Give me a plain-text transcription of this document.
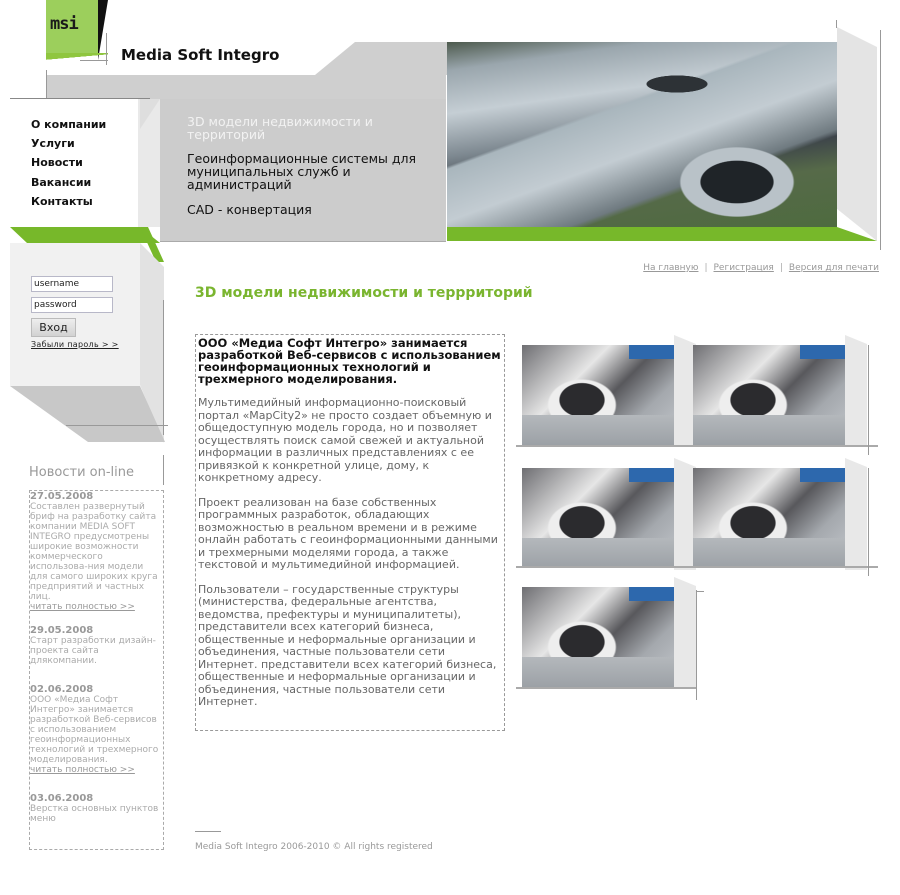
msi
Media Soft Integro
О компании
Услуги
Новости
Вакансии
Контакты
3D модели недвижимости и территорий
Геоинформационные системы для муниципальных служб и администраций
CAD - конвертация
username
password
Вход
Забыли пароль > >
Новости on-line
27.05.2008
Составлен развернутый бриф на разработку сайта компании MEDIA SOFT INTEGRO предусмотрены широкие возможности коммерческого использова-ния модели для самого широких круга предприятий и частных лиц.
читать полностью >>
29.05.2008
Старт разработки дизайн-проекта сайта длякомпании.
02.06.2008
ООО «Медиа Софт Интегро» занимается разработкой Веб-сервисов с использованием геоинформационных технологий и трехмерного моделирования.
читать полностью >>
03.06.2008
Верстка основных пунктов меню
На главную | Регистрация | Версия для печати
3D модели недвижимости и террриторий

ООО «Медиа Софт Интегро» занимается разработкой Веб-сервисов с использованием геоинформационных технологий и трехмерного моделирования.

Мультимедийный информационно-поисковый портал «MapCity2» не просто создает объемную и общедоступную модель города, но и позволяет осуществлять поиск самой свежей и актуальной информации в различных представлениях с ее привязкой к конкретной улице, дому, к конкретному адресу.

Проект реализован на базе собственных программных разработок, обладающих возможностью в реальном времени и в режиме онлайн работать с геоинформационными данными и трехмерными моделями города, а также текстовой и мультимедийной информацией.

Пользователи – государственные структуры (министерства, федеральные агентства, ведомства, префектуры и муниципалитеты), представители всех категорий бизнеса, общественные и неформальные организации и объединения, частные пользователи сети Интернет. представители всех категорий бизнеса, общественные и неформальные организации и объединения, частные пользователи сети Интернет.

Media Soft Integro 2006-2010 © All rights registered
